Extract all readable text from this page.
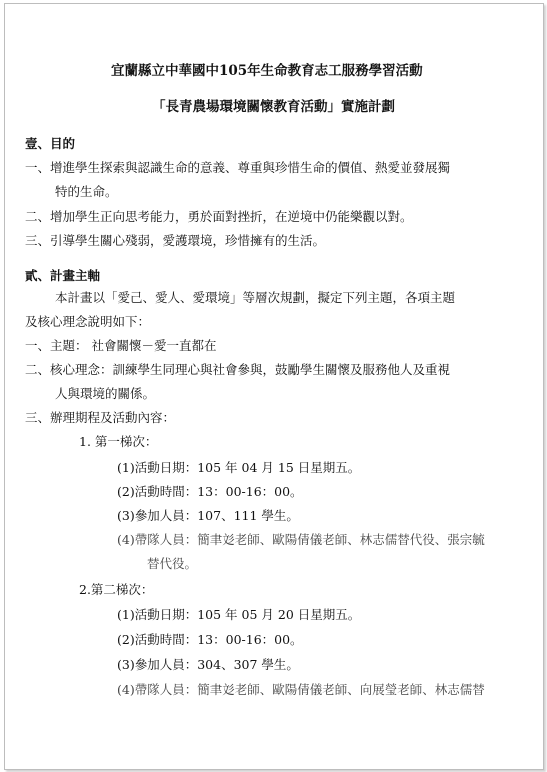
宜蘭縣立中華國中105年生命教育志工服務學習活動
「長青農場環境關懷教育活動」實施計劃
壹、目的
一、增進學生探索與認識生命的意義、尊重與珍惜生命的價值、熱愛並發展獨
特的生命。
二、增加學生正向思考能力，勇於面對挫折，在逆境中仍能樂觀以對。
三、引導學生關心殘弱，愛護環境，珍惜擁有的生活。
貳、計畫主軸
本計畫以「愛己、愛人、愛環境」等層次規劃，擬定下列主題，各項主題
及核心理念說明如下：
一、主題： 社會關懷－愛一直都在
二、核心理念：訓練學生同理心與社會參與，鼓勵學生關懷及服務他人及重視
人與環境的關係。
三、辦理期程及活動內容：
1. 第一梯次：
(1)活動日期：105 年 04 月 15 日星期五。
(2)活動時間：13：00-16：00。
(3)參加人員：107、111 學生。
(4)帶隊人員：簡聿彣老師、歐陽倩儀老師、林志儒替代役、張宗毓
替代役。
2.第二梯次：
(1)活動日期：105 年 05 月 20 日星期五。
(2)活動時間：13：00-16：00。
(3)參加人員：304、307 學生。
(4)帶隊人員：簡聿彣老師、歐陽倩儀老師、向展瑩老師、林志儒替
